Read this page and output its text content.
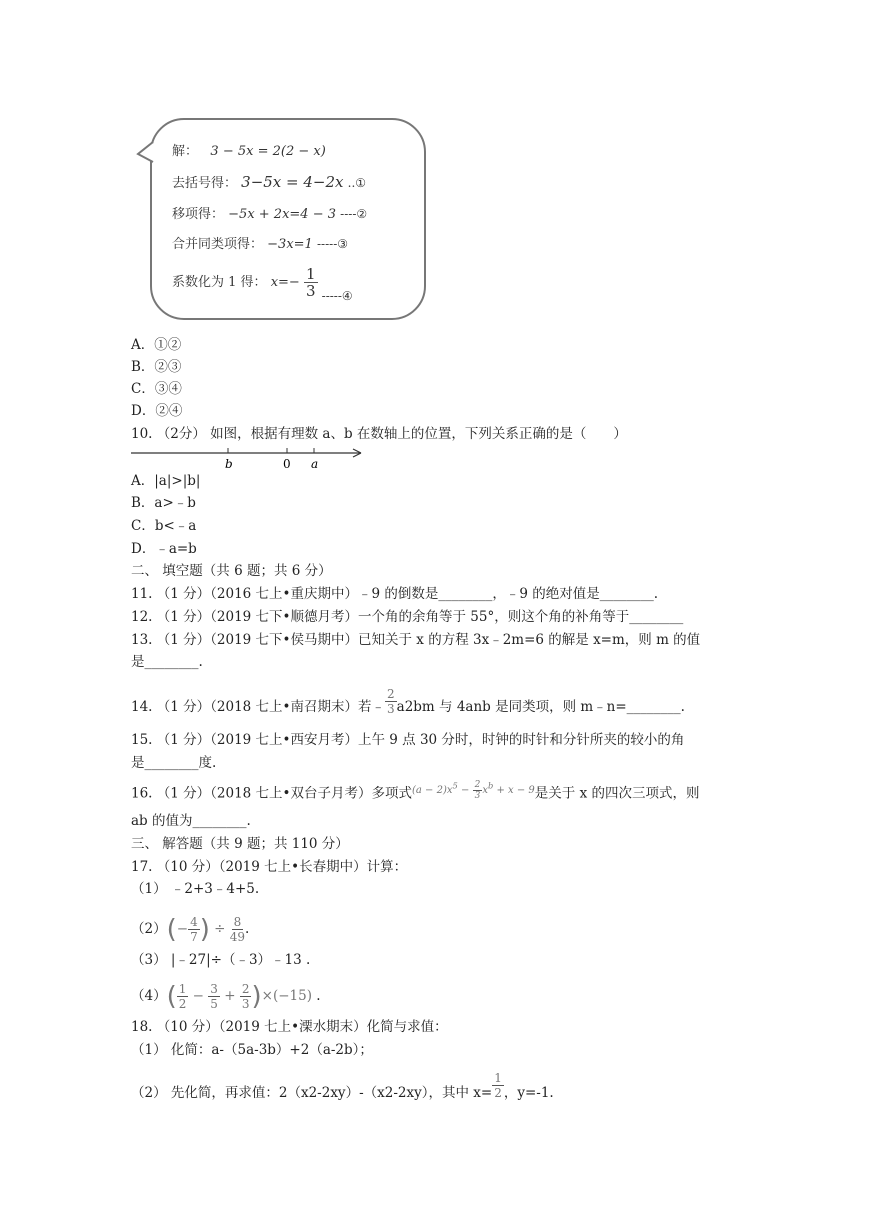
解： 3 − 5x = 2(2 − x)
去括号得： 3−5x = 4−2x ..①
移项得： −5x + 2x=4 − 3 ----②
合并同类项得： −3x=1 -----③
系数化为 1 得： $x=- \frac{1}{3}$ -----④
A．①②
B．②③
C．③④
D．②④
10. （2分） 如图，根据有理数 a、b 在数轴上的位置，下列关系正确的是（　　）
b	0 a
A．|a|>|b|
B．a>﹣b
C．b<﹣a
D．﹣a=b
二、 填空题（共 6 题；共 6 分）
11. （1 分）（2016 七上•重庆期中）﹣9 的倒数是________，﹣9 的绝对值是________.
12. （1 分）（2019 七下•顺德月考）一个角的余角等于 55°，则这个角的补角等于________
13. （1 分）（2019 七下•侯马期中）已知关于 x 的方程 3x﹣2m=6 的解是 x=m，则 m 的值
是________.
14. （1 分）（2018 七上•南召期末）若﹣ $\frac{2}{3} a2bm$ 与 4anb 是同类项，则 m﹣n=________.
15. （1 分）（2019 七上•西安月考）上午 9 点 30 分时，时钟的时针和分针所夹的较小的角
是________度.
16. （1 分）（2018 七上•双台子月考）多项式$^{(a - 2)x^5 - \frac{2}{3} x^b + x - 9}$是关于 x 的四次三项式，则
ab 的值为________.
三、 解答题（共 9 题；共 110 分）
17. （10 分）（2019 七上•长春期中）计算：
（1） ﹣2+3﹣4+5.
$(2)(- \frac{4}{7}$ ) ÷ $\frac{8}{49}$ .
（3） |﹣27|÷（﹣3）﹣13 .
$(4)( \frac{1}{2} - \frac{3}{5} + \frac{2}{3} )\times(-15)$ .
18. （10 分）（2019 七上•溧水期末）化简与求值：
（1） 化简：a-（5a-3b）+2（a-2b）；
（2） 先化简，再求值：2（x2-2xy）-（x2-2xy），其中 $x= \frac{1}{2}$ ，y=-1.
